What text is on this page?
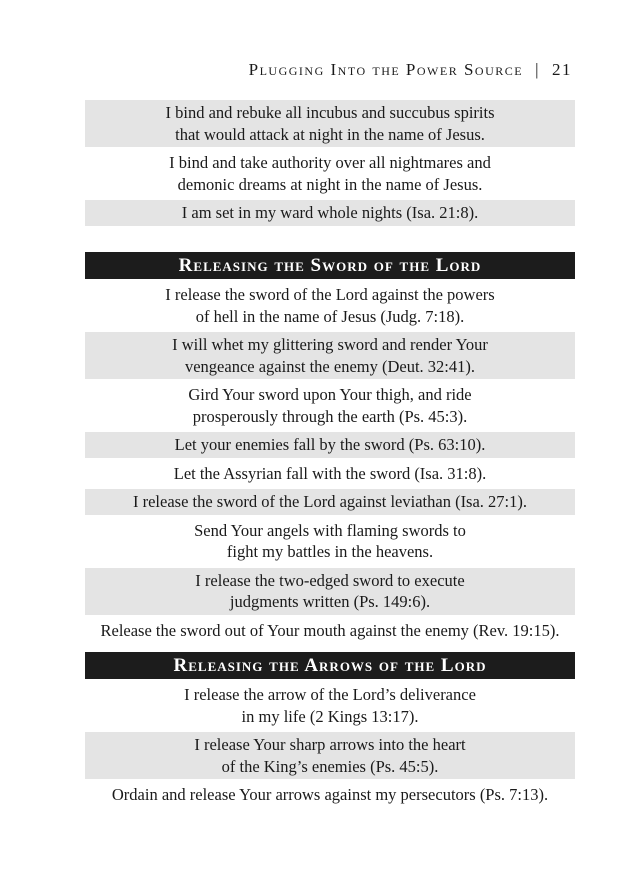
Plugging Into the Power Source | 21
I bind and rebuke all incubus and succubus spirits
that would attack at night in the name of Jesus.
I bind and take authority over all nightmares and
demonic dreams at night in the name of Jesus.
I am set in my ward whole nights (Isa. 21:8).
Releasing the Sword of the Lord
I release the sword of the Lord against the powers
of hell in the name of Jesus (Judg. 7:18).
I will whet my glittering sword and render Your
vengeance against the enemy (Deut. 32:41).
Gird Your sword upon Your thigh, and ride
prosperously through the earth (Ps. 45:3).
Let your enemies fall by the sword (Ps. 63:10).
Let the Assyrian fall with the sword (Isa. 31:8).
I release the sword of the Lord against leviathan (Isa. 27:1).
Send Your angels with flaming swords to
fight my battles in the heavens.
I release the two-edged sword to execute
judgments written (Ps. 149:6).
Release the sword out of Your mouth against the enemy (Rev. 19:15).
Releasing the Arrows of the Lord
I release the arrow of the Lord’s deliverance
in my life (2 Kings 13:17).
I release Your sharp arrows into the heart
of the King’s enemies (Ps. 45:5).
Ordain and release Your arrows against my persecutors (Ps. 7:13).
